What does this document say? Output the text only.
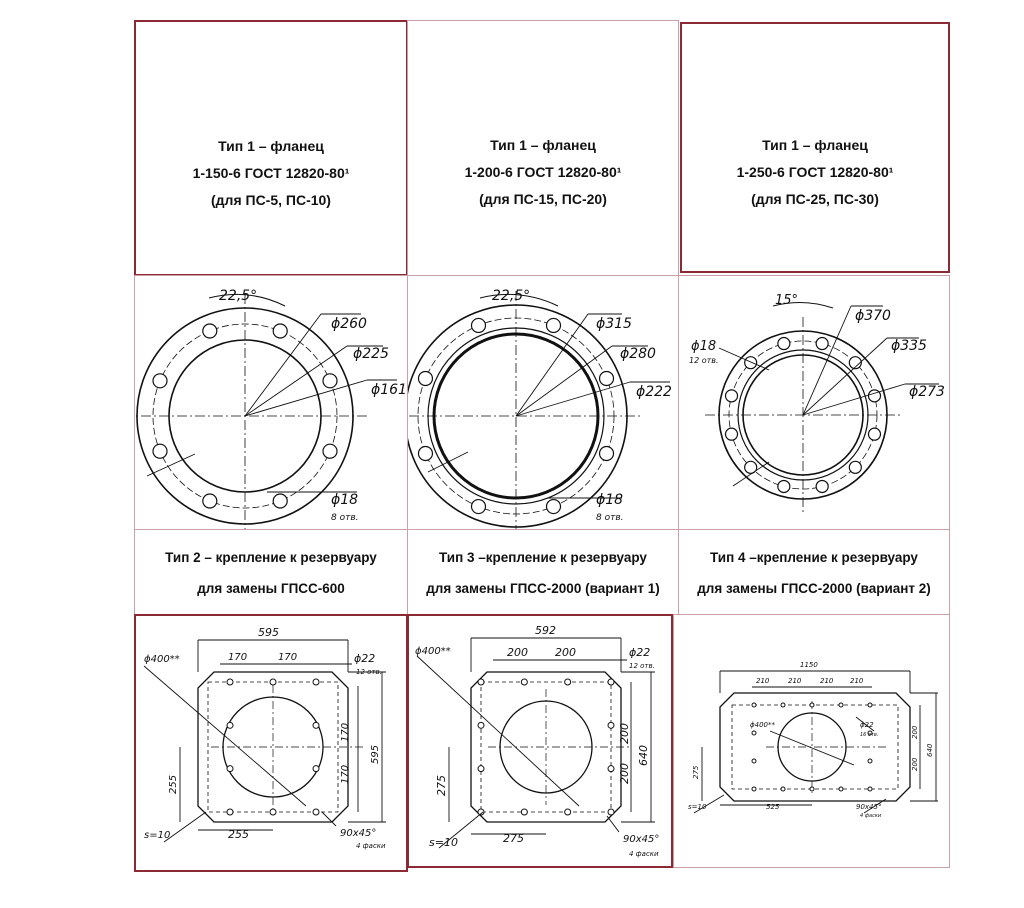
Тип 1 – фланец
1-150-6 ГОСТ 12820-80¹
(для ПС-5, ПС-10)
Тип 1 – фланец
1-200-6 ГОСТ 12820-80¹
(для ПС-15, ПС-20)
Тип 1 – фланец
1-250-6 ГОСТ 12820-80¹
(для ПС-25, ПС-30)
22,5°
ϕ260
ϕ225
ϕ161
ϕ18
8 отв.
22,5°
ϕ315
ϕ280
ϕ222
ϕ18
8 отв.
15°
ϕ370
ϕ335
ϕ273
ϕ18
12 отв.
Тип 2 – крепление к резервуару
для замены ГПСС-600
Тип 3 –крепление к резервуару
для замены ГПСС-2000 (вариант 1)
Тип 4 –крепление к резервуару
для замены ГПСС-2000 (вариант 2)
595
170	170	ϕ22
12 отв.
ϕ400**
170
170
595
255
255
s=10	90x45°
4 фаски
592
200 200	ϕ22
12 отв.
ϕ400**
200
200
640
275
275
s=10	90x45°
4 фаски
1150
210	210	210 210
ϕ22
16 отв.
ϕ400**
200
200
640
275
525
s=10	90x45°
4 фаски
